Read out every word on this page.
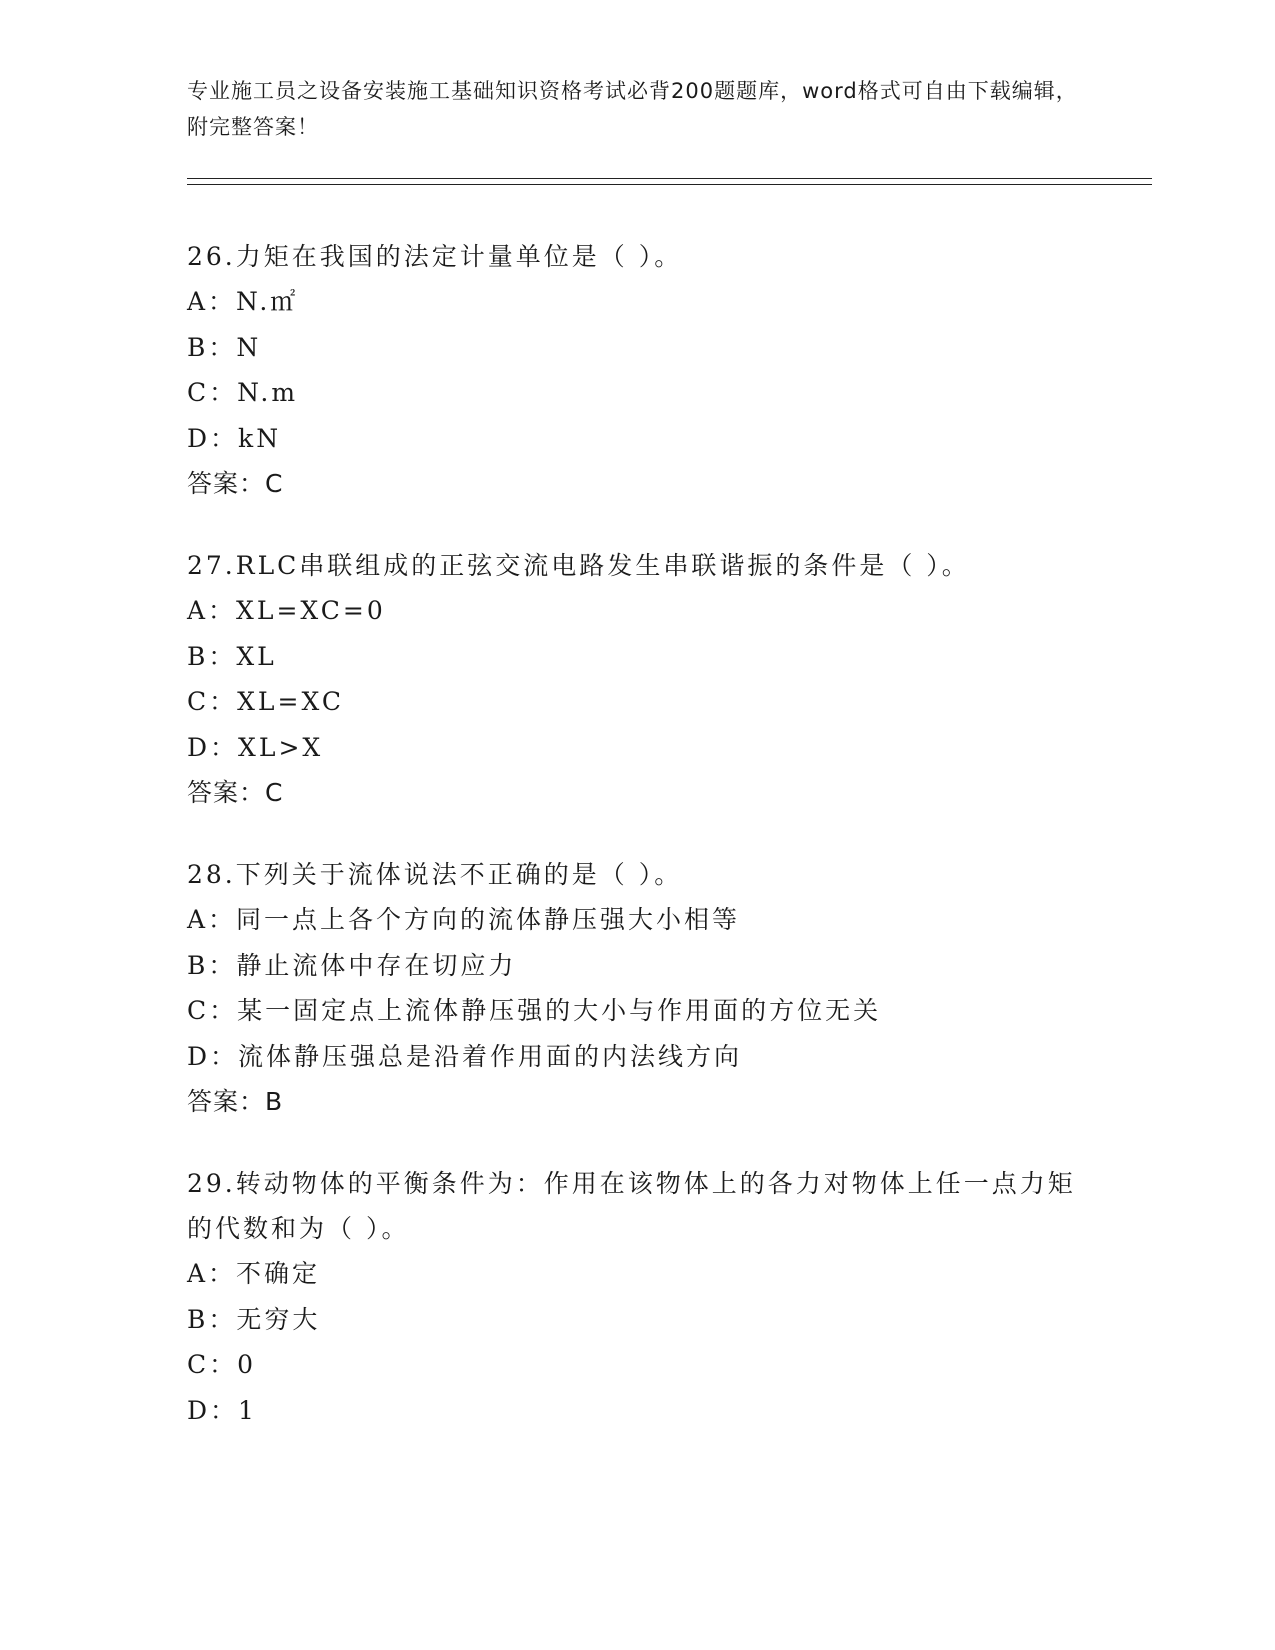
专业施工员之设备安装施工基础知识资格考试必背200题题库，word格式可自由下载编辑，附完整答案！
26.力矩在我国的法定计量单位是（ ）。
A：N.㎡
B：N
C：N.m
D：kN
答案：C
27.RLC串联组成的正弦交流电路发生串联谐振的条件是（ ）。
A：XL=XC=0
B：XL
C：XL=XC
D：XL>X
答案：C
28.下列关于流体说法不正确的是（ ）。
A：同一点上各个方向的流体静压强大小相等
B：静止流体中存在切应力
C：某一固定点上流体静压强的大小与作用面的方位无关
D：流体静压强总是沿着作用面的内法线方向
答案：B
29.转动物体的平衡条件为：作用在该物体上的各力对物体上任一点力矩的代数和为（ ）。
A：不确定
B：无穷大
C：0
D：1
